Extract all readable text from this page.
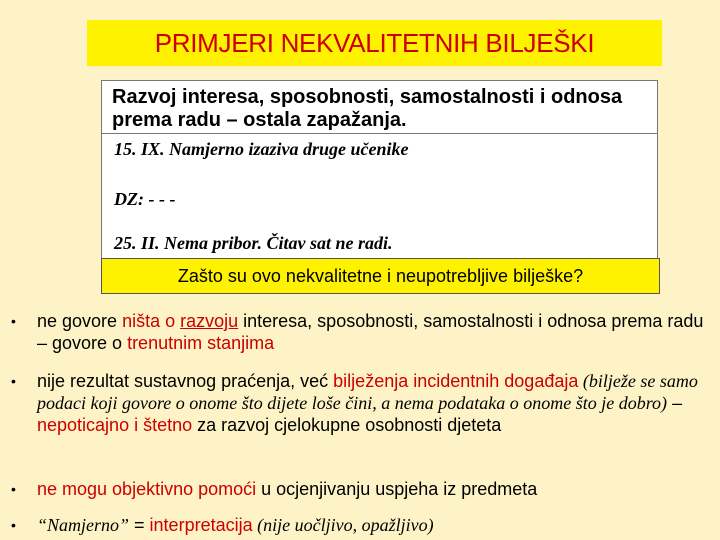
PRIMJERI NEKVALITETNIH BILJEŠKI
Razvoj interesa, sposobnosti, samostalnosti i odnosa prema radu – ostala zapažanja.
15. IX. Namjerno izaziva druge učenike
DZ: - - -
25. II. Nema pribor. Čitav sat ne radi.
Zašto su ovo nekvalitetne i neupotrebljive bilješke?
•	ne govore ništa o razvoju interesa, sposobnosti, samostalnosti i odnosa prema radu – govore o trenutnim stanjima
•	nije rezultat sustavnog praćenja, već bilježenja incidentnih događaja (bilježe se samo podaci koji govore o onome što dijete loše čini, a nema podataka o onome što je dobro) – nepoticajno i štetno za razvoj cjelokupne osobnosti djeteta
•	ne mogu objektivno pomoći u ocjenjivanju uspjeha iz predmeta
•	“Namjerno” = interpretacija (nije uočljivo, opažljivo)
